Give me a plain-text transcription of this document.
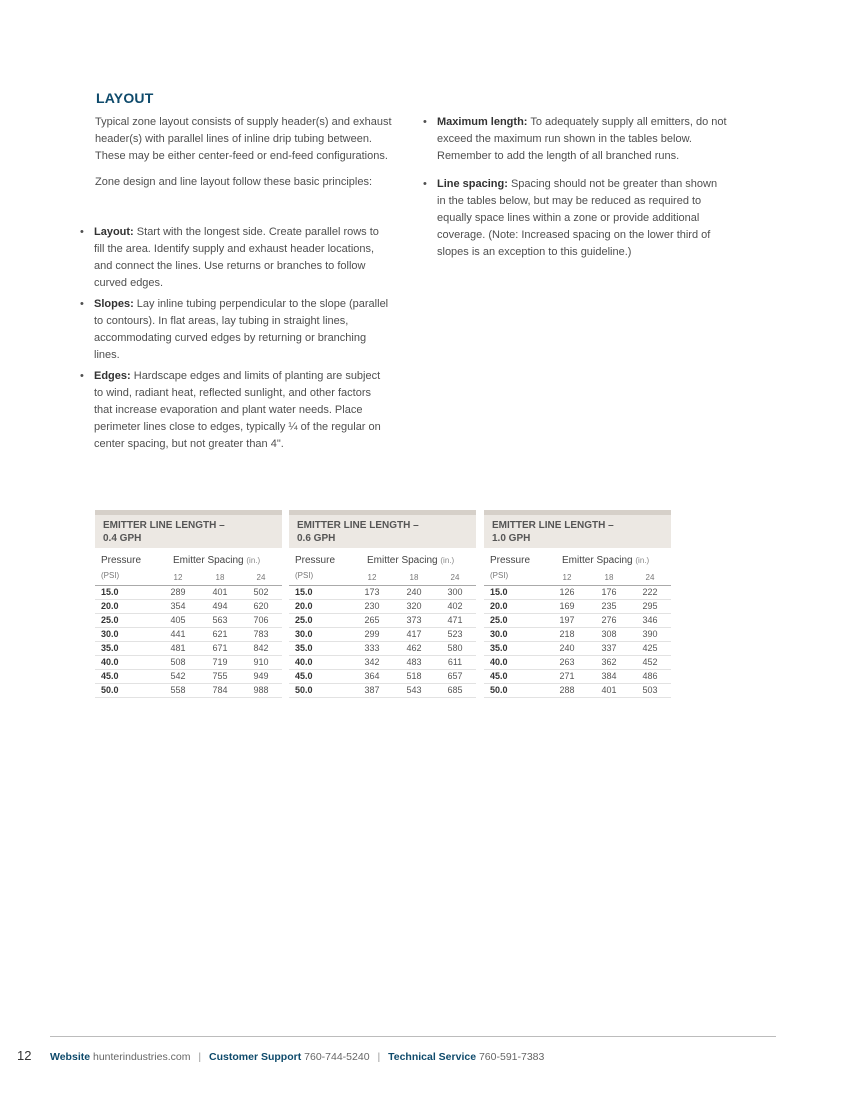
LAYOUT

Typical zone layout consists of supply header(s) and exhaust header(s) with parallel lines of inline drip tubing between. These may be either center-feed or end-feed configurations.

Zone design and line layout follow these basic principles:

• Layout: Start with the longest side. Create parallel rows to fill the area. Identify supply and exhaust header locations, and connect the lines. Use returns or branches to follow curved edges.
• Slopes: Lay inline tubing perpendicular to the slope (parallel to contours). In flat areas, lay tubing in straight lines, accommodating curved edges by returning or branching lines.
• Edges: Hardscape edges and limits of planting are subject to wind, radiant heat, reflected sunlight, and other factors that increase evaporation and plant water needs. Place perimeter lines close to edges, typically ¼ of the regular on center spacing, but not greater than 4".
• Maximum length: To adequately supply all emitters, do not exceed the maximum run shown in the tables below. Remember to add the length of all branched runs.
• Line spacing: Spacing should not be greater than shown in the tables below, but may be reduced as required to equally space lines within a zone or provide additional coverage. (Note: Increased spacing on the lower third of slopes is an exception to this guideline.)
EMITTER LINE LENGTH –
0.4 GPH
Pressure
(PSI)
Emitter Spacing (in.)
12	18	24
15.0	289	401	502
20.0	354	494	620
25.0	405	563	706
30.0	441	621	783
35.0	481	671	842
40.0	508	719	910
45.0	542	755	949
50.0	558	784	988
EMITTER LINE LENGTH –
0.6 GPH
Pressure
(PSI)
Emitter Spacing (in.)
12	18	24
15.0	173	240	300
20.0	230	320	402
25.0	265	373	471
30.0	299	417	523
35.0	333	462	580
40.0	342	483	611
45.0	364	518	657
50.0	387	543	685
EMITTER LINE LENGTH –
1.0 GPH
Pressure
(PSI)
Emitter Spacing (in.)
12	18	24
15.0	126	176	222
20.0	169	235	295
25.0	197	276	346
30.0	218	308	390
35.0	240	337	425
40.0	263	362	452
45.0	271	384	486
50.0	288	401	503
12 Website hunterindustries.com | Customer Support 760-744-5240 | Technical Service 760-591-7383
